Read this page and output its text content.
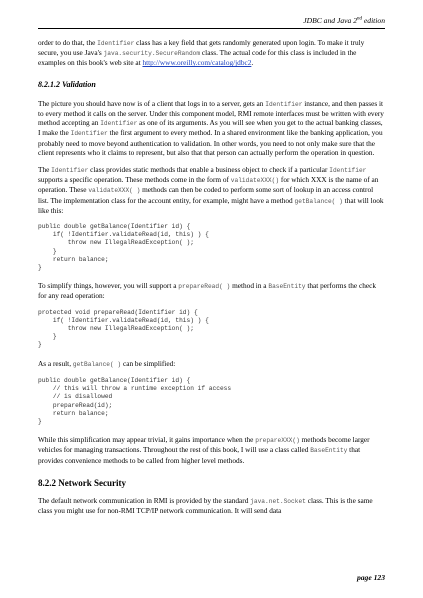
JDBC and Java 2nd edition

order to do that, the Identifier class has a key field that gets randomly generated upon login. To make it truly secure, you use Java's java.security.SecureRandom class. The actual code for this class is included in the examples on this book's web site at http://www.oreilly.com/catalog/jdbc2.

8.2.1.2 Validation

The picture you should have now is of a client that logs in to a server, gets an Identifier instance, and then passes it to every method it calls on the server. Under this component model, RMI remote interfaces must be written with every method accepting an Identifier as one of its arguments. As you will see when you get to the actual banking classes, I make the Identifier the first argument to every method. In a shared environment like the banking application, you probably need to move beyond authentication to validation. In other words, you need to not only make sure that the client represents who it claims to represent, but also that that person can actually perform the operation in question.

The Identifier class provides static methods that enable a business object to check if a particular Identifier supports a specific operation. These methods come in the form of validateXXX() for which XXX is the name of an operation. These validateXXX( ) methods can then be coded to perform some sort of lookup in an access control list. The implementation class for the account entity, for example, might have a method getBalance( ) that will look like this:

public double getBalance(Identifier id) {
if( !Identifier.validateRead(id, this) ) {
throw new IllegalReadException( );
}
return balance;
}

To simplify things, however, you will support a prepareRead( ) method in a BaseEntity that performs the check for any read operation:

protected void prepareRead(Identifier id) {
if( !Identifier.validateRead(id, this) ) {
throw new IllegalReadException( );
}
}

As a result, getBalance( ) can be simplified:

public double getBalance(Identifier id) {
// this will throw a runtime exception if access
// is disallowed
prepareRead(id);
return balance;
}

While this simplification may appear trivial, it gains importance when the prepareXXX() methods become larger vehicles for managing transactions. Throughout the rest of this book, I will use a class called BaseEntity that provides convenience methods to be called from higher level methods.

8.2.2 Network Security

The default network communication in RMI is provided by the standard java.net.Socket class. This is the same class you might use for non-RMI TCP/IP network communication. It will send data

page 123
